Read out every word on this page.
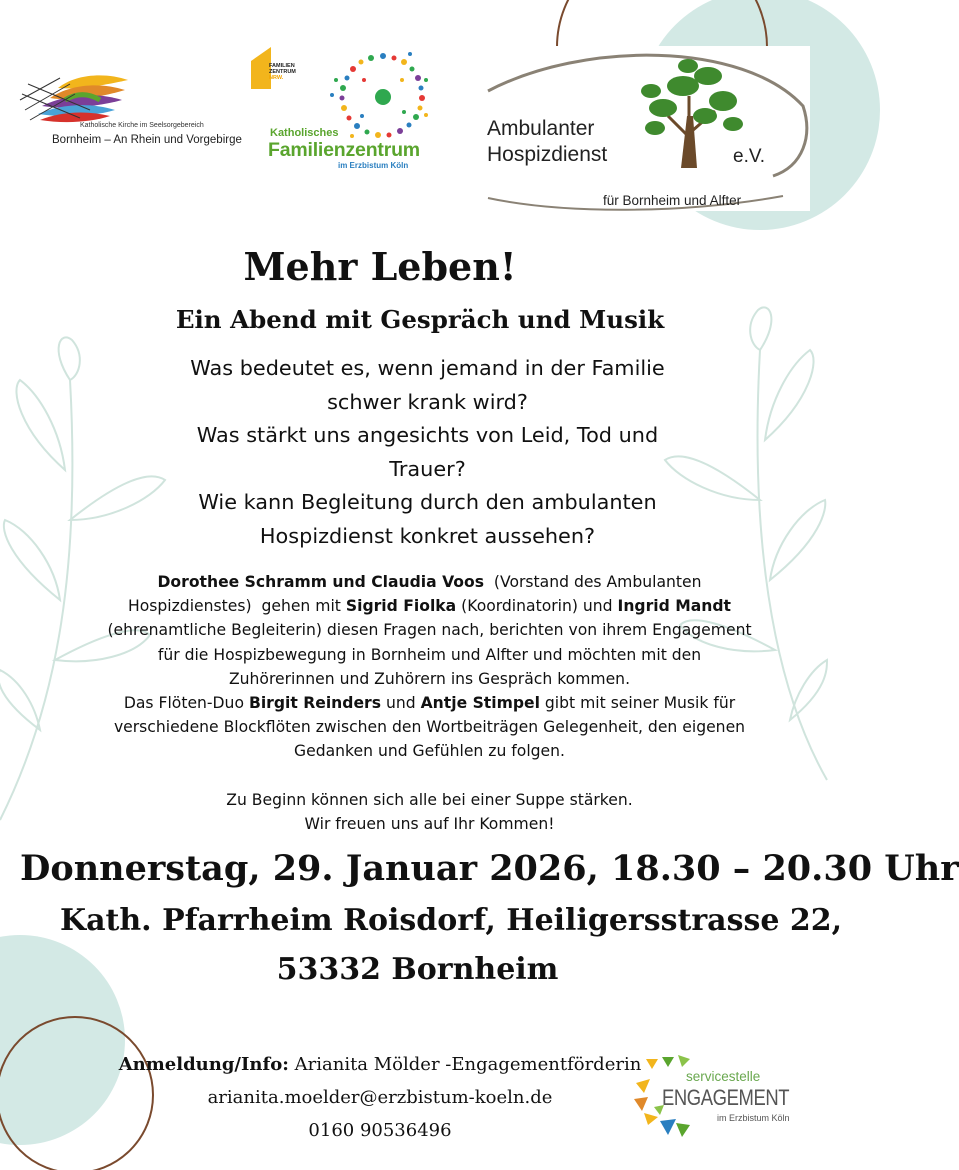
Katholische Kirche im Seelsorgebereich
Bornheim – An Rhein und Vorgebirge
FAMILIEN
ZENTRUM
NRW.
Katholisches
Familienzentrum
im Erzbistum Köln
Ambulanter
Hospizdienst	e.V.
für Bornheim und Alfter
Mehr Leben!
Ein Abend mit Gespräch und Musik
Was bedeutet es, wenn jemand in der Familie
schwer krank wird?
Was stärkt uns angesichts von Leid, Tod und
Trauer?
Wie kann Begleitung durch den ambulanten
Hospizdienst konkret aussehen?
Dorothee Schramm und Claudia Voos  (Vorstand des Ambulanten
Hospizdienstes)  gehen mit Sigrid Fiolka (Koordinatorin) und Ingrid Mandt
(ehrenamtliche Begleiterin) diesen Fragen nach, berichten von ihrem Engagement
für die Hospizbewegung in Bornheim und Alfter und möchten mit den
Zuhörerinnen und Zuhörern ins Gespräch kommen.
Das Flöten-Duo Birgit Reinders und Antje Stimpel gibt mit seiner Musik für
verschiedene Blockflöten zwischen den Wortbeiträgen Gelegenheit, den eigenen
Gedanken und Gefühlen zu folgen.
Zu Beginn können sich alle bei einer Suppe stärken.
Wir freuen uns auf Ihr Kommen!
Donnerstag, 29. Januar 2026, 18.30 – 20.30 Uhr
Kath. Pfarrheim Roisdorf, Heiligersstrasse 22,
53332 Bornheim
Anmeldung/Info: Arianita Mölder -Engagementförderin
arianita.moelder@erzbistum-koeln.de
0160 90536496
servicestelle
ENGAGEMENT
im Erzbistum Köln
